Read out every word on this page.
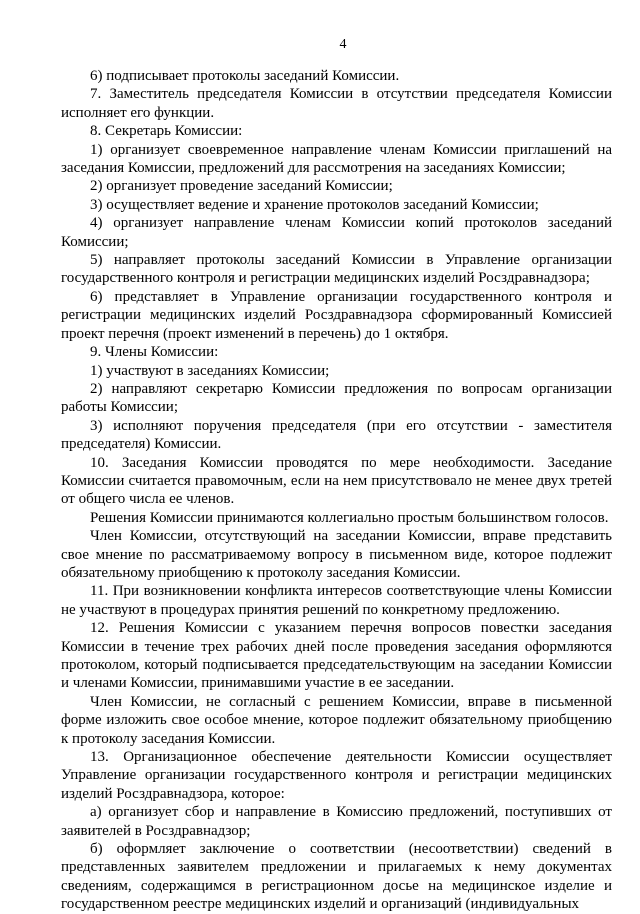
4

6) подписывает протоколы заседаний Комиссии.

7. Заместитель председателя Комиссии в отсутствии председателя Комиссии исполняет его функции.

8. Секретарь Комиссии:

1) организует своевременное направление членам Комиссии приглашений на заседания Комиссии, предложений для рассмотрения на заседаниях Комиссии;

2) организует проведение заседаний Комиссии;

3) осуществляет ведение и хранение протоколов заседаний Комиссии;

4) организует направление членам Комиссии копий протоколов заседаний Комиссии;

5) направляет протоколы заседаний Комиссии в Управление организации государственного контроля и регистрации медицинских изделий Росздравнадзора;

6) представляет в Управление организации государственного контроля и регистрации медицинских изделий Росздравнадзора сформированный Комиссией проект перечня (проект изменений в перечень) до 1 октября.

9. Члены Комиссии:

1) участвуют в заседаниях Комиссии;

2) направляют секретарю Комиссии предложения по вопросам организации работы Комиссии;

3) исполняют поручения председателя (при его отсутствии - заместителя председателя) Комиссии.

10. Заседания Комиссии проводятся по мере необходимости. Заседание Комиссии считается правомочным, если на нем присутствовало не менее двух третей от общего числа ее членов.

Решения Комиссии принимаются коллегиально простым большинством голосов.

Член Комиссии, отсутствующий на заседании Комиссии, вправе представить свое мнение по рассматриваемому вопросу в письменном виде, которое подлежит обязательному приобщению к протоколу заседания Комиссии.

11. При возникновении конфликта интересов соответствующие члены Комиссии не участвуют в процедурах принятия решений по конкретному предложению.

12. Решения Комиссии с указанием перечня вопросов повестки заседания Комиссии в течение трех рабочих дней после проведения заседания оформляются протоколом, который подписывается председательствующим на заседании Комиссии и членами Комиссии, принимавшими участие в ее заседании.

Член Комиссии, не согласный с решением Комиссии, вправе в письменной форме изложить свое особое мнение, которое подлежит обязательному приобщению к протоколу заседания Комиссии.

13. Организационное обеспечение деятельности Комиссии осуществляет Управление организации государственного контроля и регистрации медицинских изделий Росздравнадзора, которое:

а) организует сбор и направление в Комиссию предложений, поступивших от заявителей в Росздравнадзор;

б) оформляет заключение о соответствии (несоответствии) сведений в представленных заявителем предложении и прилагаемых к нему документах сведениям, содержащимся в регистрационном досье на медицинское изделие и государственном реестре медицинских изделий и организаций (индивидуальных
